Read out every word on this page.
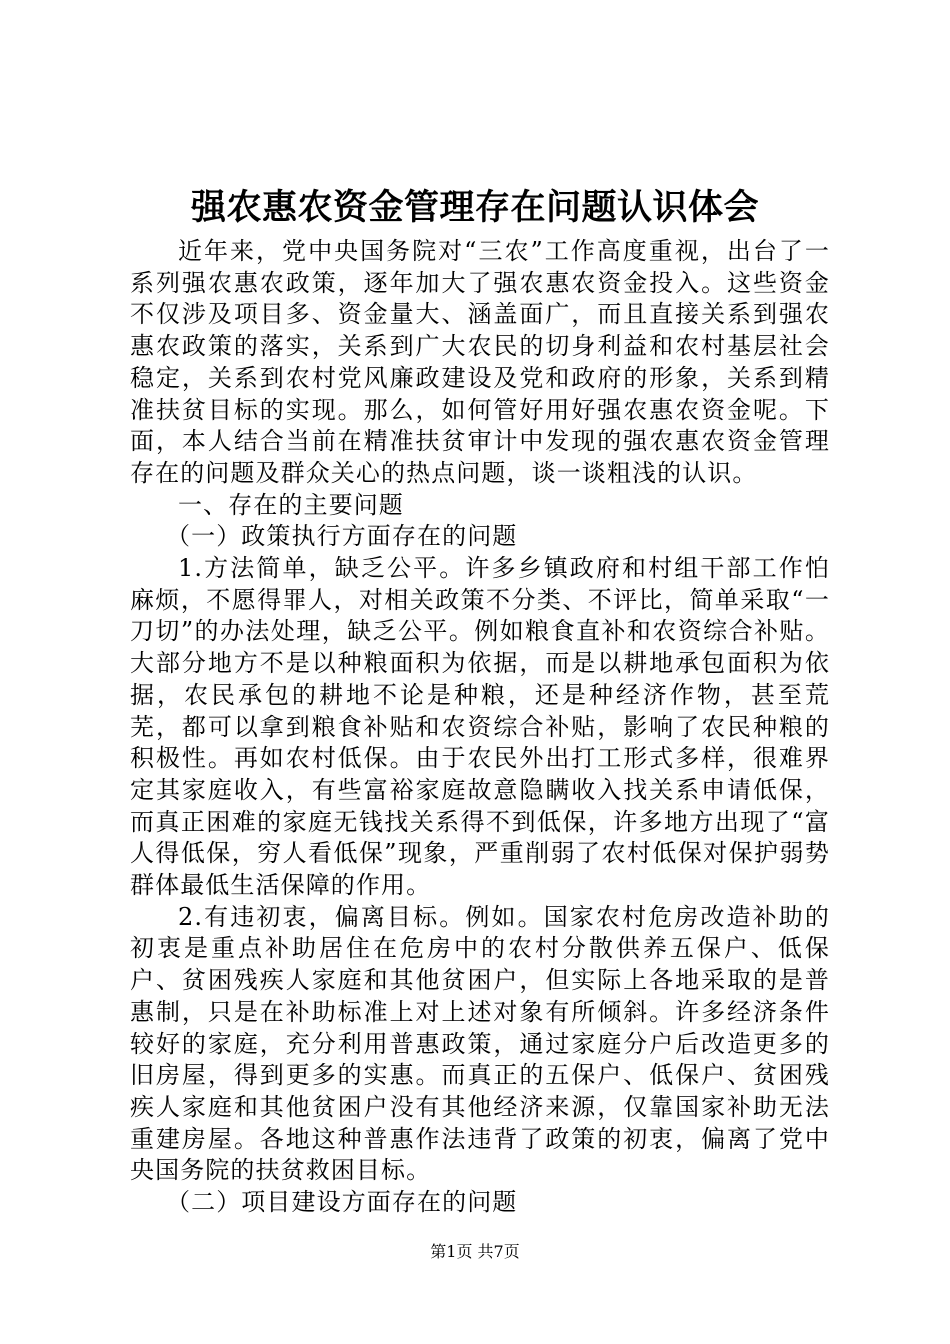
强农惠农资金管理存在问题认识体会

近年来，党中央国务院对“三农”工作高度重视，出台了一系列强农惠农政策，逐年加大了强农惠农资金投入。这些资金不仅涉及项目多、资金量大、涵盖面广，而且直接关系到强农惠农政策的落实，关系到广大农民的切身利益和农村基层社会稳定，关系到农村党风廉政建设及党和政府的形象，关系到精准扶贫目标的实现。那么，如何管好用好强农惠农资金呢。下面，本人结合当前在精准扶贫审计中发现的强农惠农资金管理存在的问题及群众关心的热点问题，谈一谈粗浅的认识。

一、存在的主要问题

（一）政策执行方面存在的问题

1.方法简单，缺乏公平。许多乡镇政府和村组干部工作怕麻烦，不愿得罪人，对相关政策不分类、不评比，简单采取“一刀切”的办法处理，缺乏公平。例如粮食直补和农资综合补贴。大部分地方不是以种粮面积为依据，而是以耕地承包面积为依据，农民承包的耕地不论是种粮，还是种经济作物，甚至荒芜，都可以拿到粮食补贴和农资综合补贴，影响了农民种粮的积极性。再如农村低保。由于农民外出打工形式多样，很难界定其家庭收入，有些富裕家庭故意隐瞒收入找关系申请低保，而真正困难的家庭无钱找关系得不到低保，许多地方出现了“富人得低保，穷人看低保”现象，严重削弱了农村低保对保护弱势群体最低生活保障的作用。

2.有违初衷，偏离目标。例如。国家农村危房改造补助的初衷是重点补助居住在危房中的农村分散供养五保户、低保户、贫困残疾人家庭和其他贫困户，但实际上各地采取的是普惠制，只是在补助标准上对上述对象有所倾斜。许多经济条件较好的家庭，充分利用普惠政策，通过家庭分户后改造更多的旧房屋，得到更多的实惠。而真正的五保户、低保户、贫困残疾人家庭和其他贫困户没有其他经济来源，仅靠国家补助无法重建房屋。各地这种普惠作法违背了政策的初衷，偏离了党中央国务院的扶贫救困目标。

（二）项目建设方面存在的问题

第1页 共7页
